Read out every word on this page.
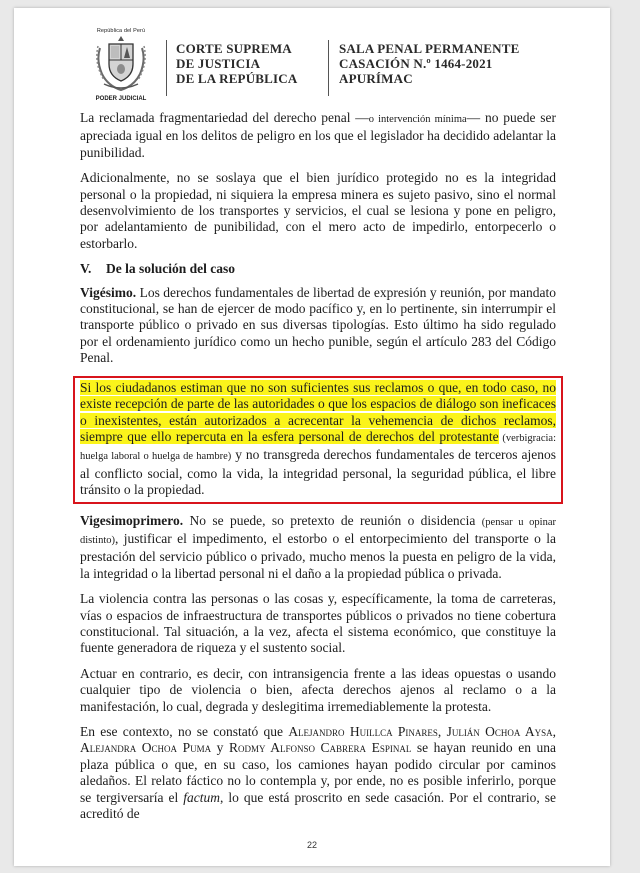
República del Perú
PODER JUDICIAL
CORTE SUPREMA
DE JUSTICIA
DE LA REPÚBLICA
SALA PENAL PERMANENTE
CASACIÓN N.º 1464-2021
APURÍMAC

La reclamada fragmentariedad del derecho penal —o intervención mínima— no puede ser apreciada igual en los delitos de peligro en los que el legislador ha decidido adelantar la punibilidad.

Adicionalmente, no se soslaya que el bien jurídico protegido no es la integridad personal o la propiedad, ni siquiera la empresa minera es sujeto pasivo, sino el normal desenvolvimiento de los transportes y servicios, el cual se lesiona y pone en peligro, por adelantamiento de punibilidad, con el mero acto de impedirlo, entorpecerlo o estorbarlo.

V. De la solución del caso

Vigésimo. Los derechos fundamentales de libertad de expresión y reunión, por mandato constitucional, se han de ejercer de modo pacífico y, en lo pertinente, sin interrumpir el transporte público o privado en sus diversas tipologías. Esto último ha sido regulado por el ordenamiento jurídico como un hecho punible, según el artículo 283 del Código Penal.

Si los ciudadanos estiman que no son suficientes sus reclamos o que, en todo caso, no existe recepción de parte de las autoridades o que los espacios de diálogo son ineficaces o inexistentes, están autorizados a acrecentar la vehemencia de dichos reclamos, siempre que ello repercuta en la esfera personal de derechos del protestante (verbigracia: huelga laboral o huelga de hambre) y no transgreda derechos fundamentales de terceros ajenos al conflicto social, como la vida, la integridad personal, la seguridad pública, el libre tránsito o la propiedad.

Vigesimoprimero. No se puede, so pretexto de reunión o disidencia (pensar u opinar distinto), justificar el impedimento, el estorbo o el entorpecimiento del transporte o la prestación del servicio público o privado, mucho menos la puesta en peligro de la vida, la integridad o la libertad personal ni el daño a la propiedad pública o privada.

La violencia contra las personas o las cosas y, específicamente, la toma de carreteras, vías o espacios de infraestructura de transportes públicos o privados no tiene cobertura constitucional. Tal situación, a la vez, afecta el sistema económico, que constituye la fuente generadora de riqueza y el sustento social.

Actuar en contrario, es decir, con intransigencia frente a las ideas opuestas o usando cualquier tipo de violencia o bien, afecta derechos ajenos al reclamo o a la manifestación, lo cual, degrada y deslegitima irremediablemente la protesta.

En ese contexto, no se constató que Alejandro Huillca Pinares, Julián Ochoa Aysa, Alejandra Ochoa Puma y Rodmy Alfonso Cabrera Espinal se hayan reunido en una plaza pública o que, en su caso, los camiones hayan podido circular por caminos aledaños. El relato fáctico no lo contempla y, por ende, no es posible inferirlo, porque se tergiversaría el factum, lo que está proscrito en sede casación. Por el contrario, se acreditó de

22
